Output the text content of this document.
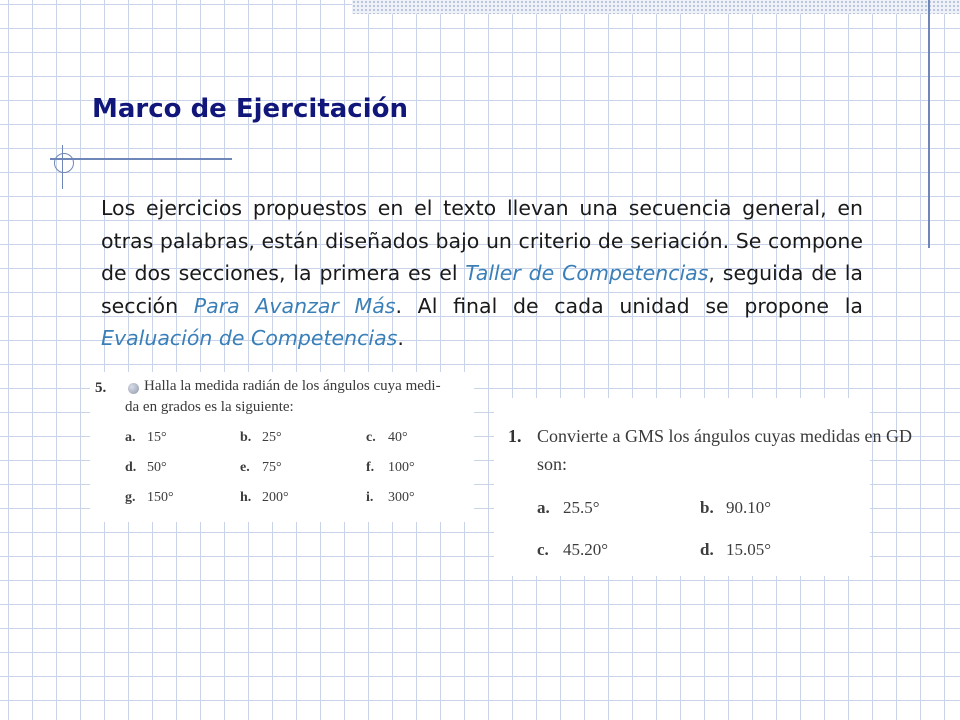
Marco de Ejercitación

Los ejercicios propuestos en el texto llevan una secuencia general, en otras palabras, están diseñados bajo un criterio de seriación. Se compone de dos secciones, la primera es el Taller de Competencias, seguida de la sección Para Avanzar Más. Al final de cada unidad se propone la Evaluación de Competencias.

5.	Halla la medida radián de los ángulos cuya medi-
da en grados es la siguiente:
a. 15°	b. 25°	c. 40°
d. 50°	e. 75°	f. 100°
g. 150°	h. 200°	i. 300°
1. Convierte a GMS los ángulos cuyas medidas en GD
son:
a. 25.5°	b. 90.10°
c. 45.20°	d. 15.05°
